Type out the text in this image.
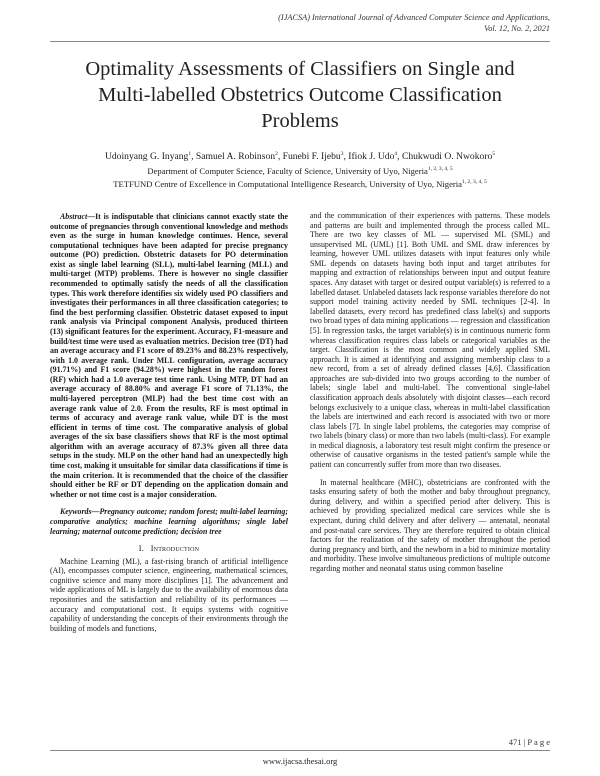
(IJACSA) International Journal of Advanced Computer Science and Applications,
Vol. 12, No. 2, 2021
Optimality Assessments of Classifiers on Single and
Multi-labelled Obstetrics Outcome Classification
Problems
Udoinyang G. Inyang$^1$, Samuel A. Robinson$^2$, Funebi F. Ijebu$^3$, Ifiok J. Udo$^4$, Chukwudi O. Nwokoro$^5$
Department of Computer Science, Faculty of Science, University of Uyo, Nigeria$^{1, 2, 3, 4, 5}$
TETFUND Centre of Excellence in Computational Intelligence Research, University of Uyo, Nigeria$^{1, 2, 3, 4, 5}$

Abstract—It is indisputable that clinicians cannot exactly state the outcome of pregnancies through conventional knowledge and methods even as the surge in human knowledge continues. Hence, several computational techniques have been adapted for precise pregnancy outcome (PO) prediction. Obstetric datasets for PO determination exist as single label learning (SLL), multi-label learning (MLL) and multi-target (MTP) problems. There is however no single classifier recommended to optimally satisfy the needs of all the classification types. This work therefore identifies six widely used PO classifiers and investigates their performances in all three classification categories; to find the best performing classifier. Obstetric dataset exposed to input rank analysis via Principal component Analysis, produced thirteen (13) significant features for the experiment. Accuracy, F1-measure and build/test time were used as evaluation metrics. Decision tree (DT) had an average accuracy and F1 score of 89.23% and 88.23% respectively, with 1.0 average rank. Under MLL configuration, average accuracy (91.71%) and F1 score (94.28%) were highest in the random forest (RF) which had a 1.0 average test time rank. Using MTP, DT had an average accuracy of 88.80% and average F1 score of 71.13%, the multi-layered perceptron (MLP) had the best time cost with an average rank value of 2.0. From the results, RF is most optimal in terms of accuracy and average rank value, while DT is the most efficient in terms of time cost. The comparative analysis of global averages of the six base classifiers shows that RF is the most optimal algorithm with an average accuracy of 87.3% given all three data setups in the study. MLP on the other hand had an unexpectedly high time cost, making it unsuitable for similar data classifications if time is the main criterion. It is recommended that the choice of the classifier should either be RF or DT depending on the application domain and whether or not time cost is a major consideration.

Keywords—Pregnancy outcome; random forest; multi-label learning; comparative analytics; machine learning algorithms; single label learning; maternal outcome prediction; decision tree

I. Introduction

Machine Learning (ML), a fast-rising branch of artificial intelligence (AI), encompasses computer science, engineering, mathematical sciences, cognitive science and many more disciplines [1]. The advancement and wide applications of ML is largely due to the availability of enormous data repositories and the satisfaction and reliability of its performances — accuracy and computational cost. It equips systems with cognitive capability of understanding the concepts of their environments through the building of models and functions,

and the communication of their experiences with patterns. These models and patterns are built and implemented through the process called ML. There are two key classes of ML — supervised ML (SML) and unsupervised ML (UML) [1]. Both UML and SML draw inferences by learning, however UML utilizes datasets with input features only while SML depends on datasets having both input and target attributes for mapping and extraction of relationships between input and output feature spaces. Any dataset with target or desired output variable(s) is referred to a labelled dataset. Unlabeled datasets lack response variables therefore do not support model training activity needed by SML techniques [2-4]. In labelled datasets, every record has predefined class label(s) and supports two broad types of data mining applications — regression and classification [5]. In regression tasks, the target variable(s) is in continuous numeric form whereas classification requires class labels or categorical variables as the target. Classification is the most common and widely applied SML approach. It is aimed at identifying and assigning membership class to a new record, from a set of already defined classes [4,6]. Classification approaches are sub-divided into two groups according to the number of labels; single label and multi-label. The conventional single-label classification approach deals absolutely with disjoint classes—each record belongs exclusively to a unique class, whereas in multi-label classification the labels are intertwined and each record is associated with two or more class labels [7]. In single label problems, the categories may comprise of two labels (binary class) or more than two labels (multi-class). For example in medical diagnosis, a laboratory test result might confirm the presence or otherwise of causative organisms in the tested patient's sample while the patient can concurrently suffer from more than two diseases.

In maternal healthcare (MHC), obstetricians are confronted with the tasks ensuring safety of both the mother and baby throughout pregnancy, during delivery, and within a specified period after delivery. This is achieved by providing specialized medical care services while she is expectant, during child delivery and after delivery — antenatal, neonatal and post-natal care services. They are therefore required to obtain clinical factors for the realization of the safety of mother throughout the period during pregnancy and birth, and the newborn in a bid to minimize mortality and morbidity. These involve simultaneous predictions of multiple outcome regarding mother and neonatal status using common baseline

471 | P a g e
www.ijacsa.thesai.org
